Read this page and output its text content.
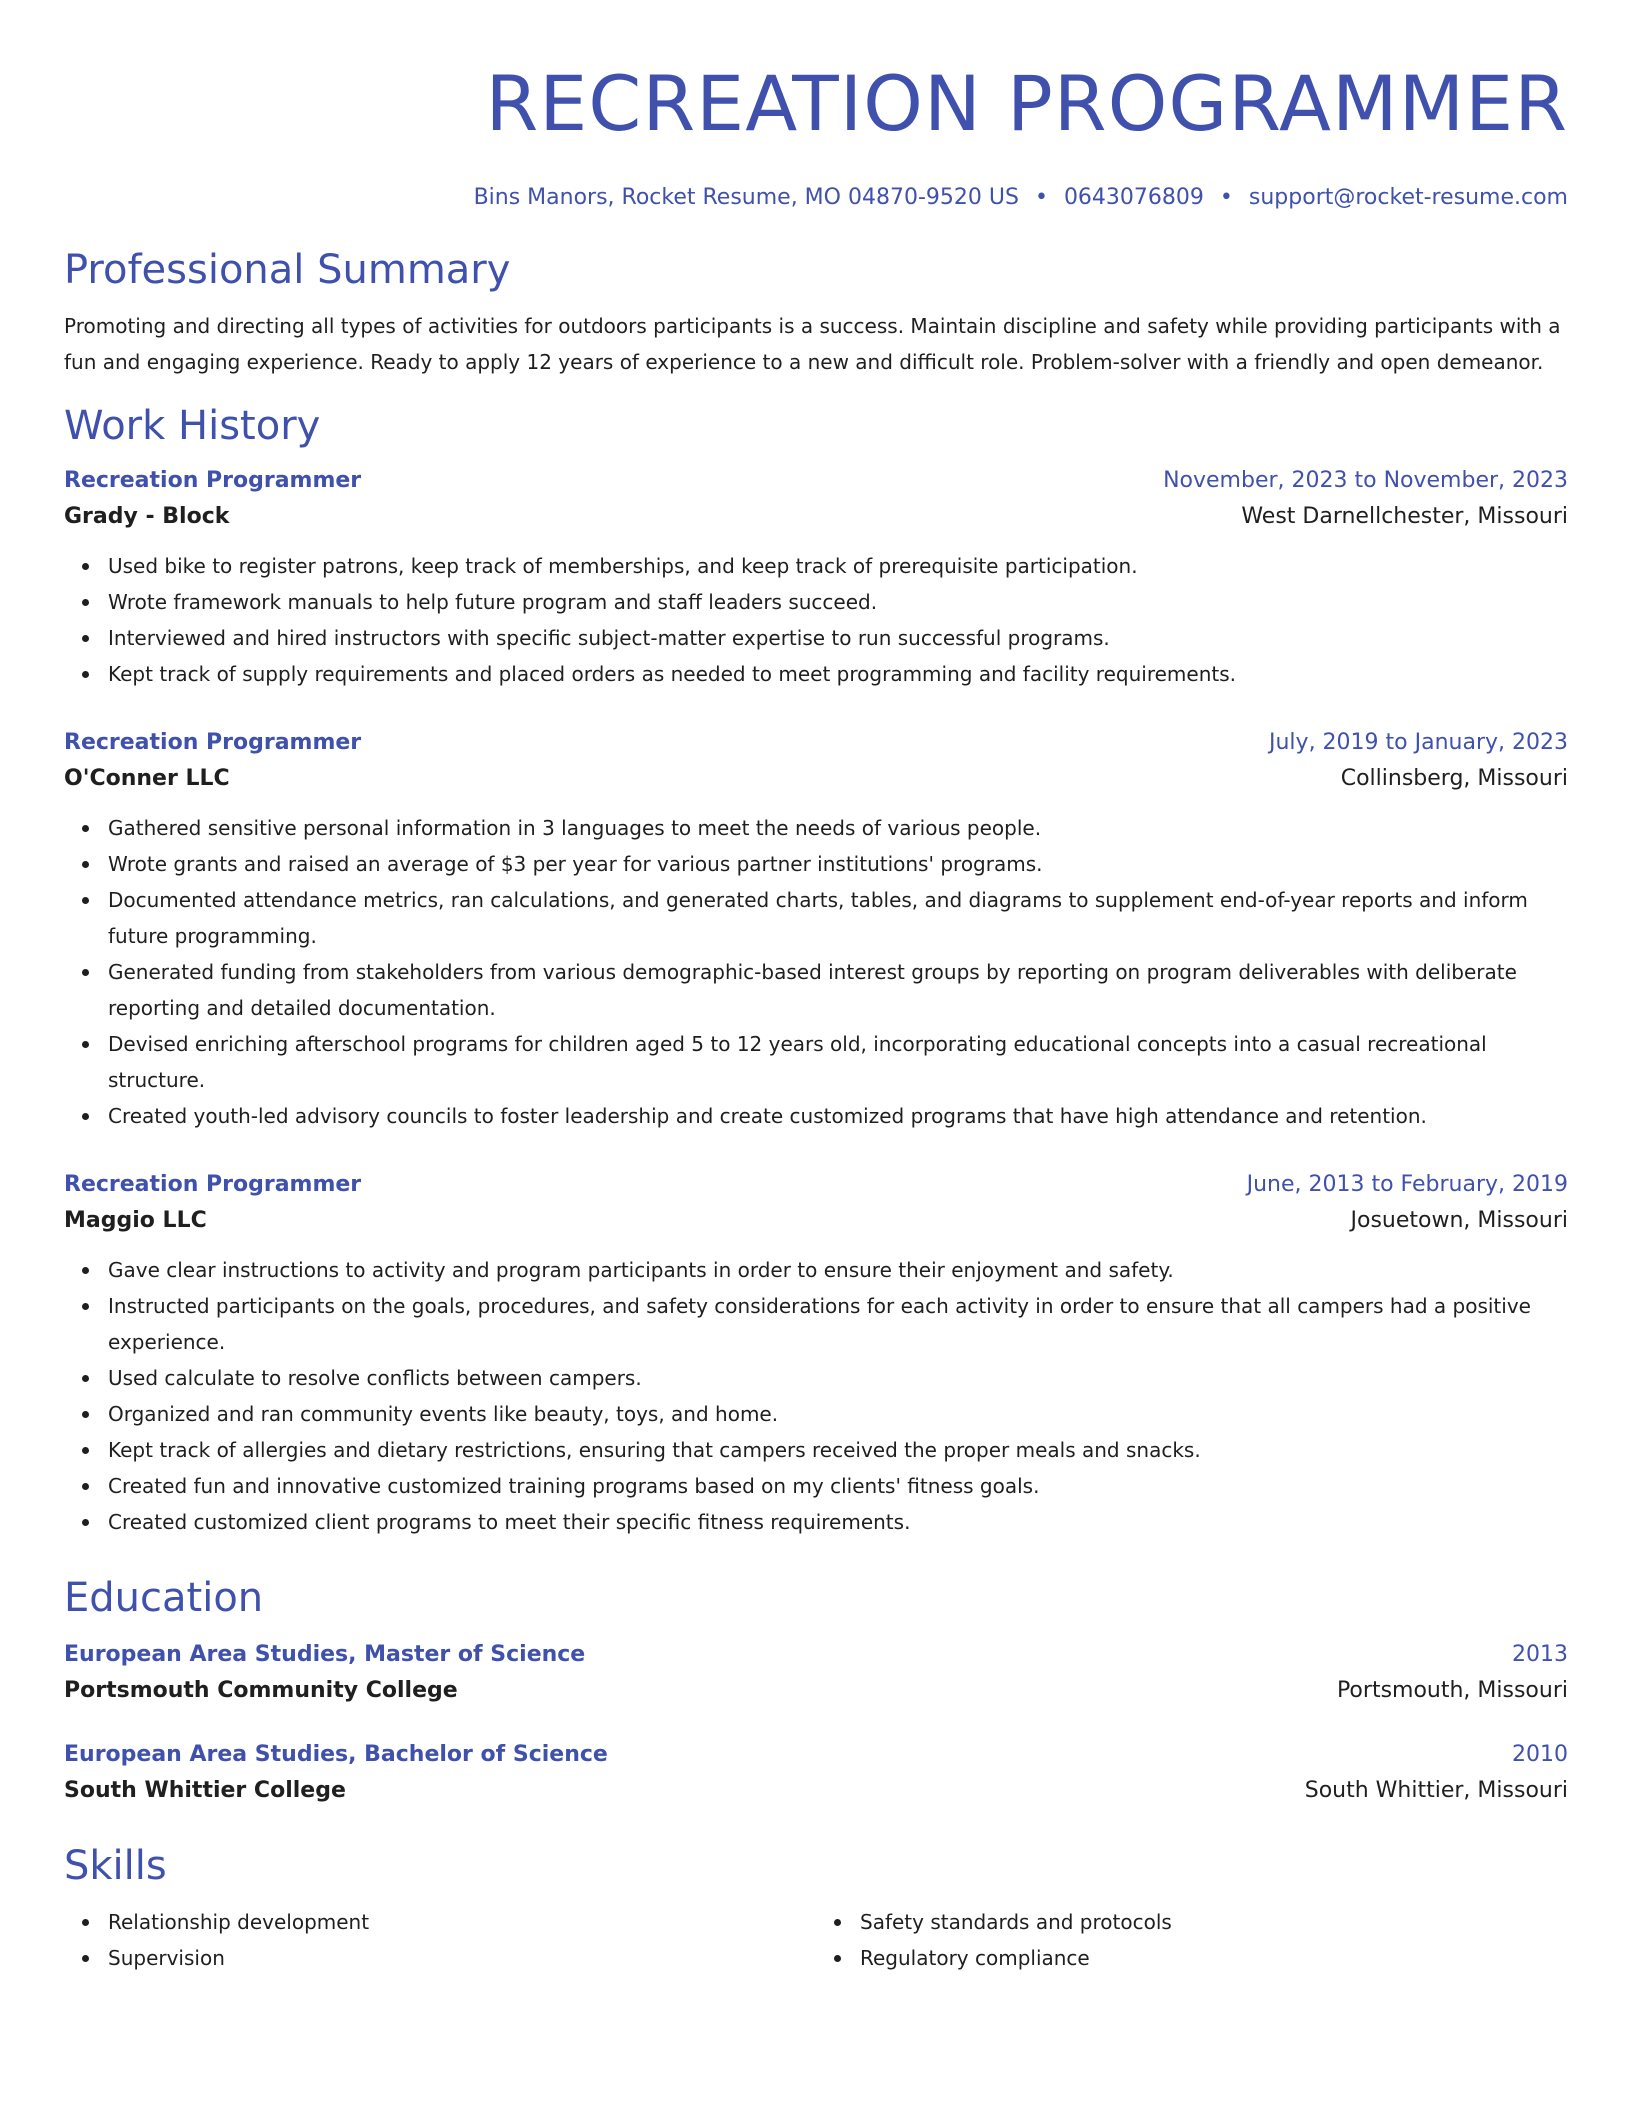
RECREATION PROGRAMMER
Bins Manors, Rocket Resume, MO 04870-9520 US • 0643076809 • support@rocket-resume.com
Professional Summary
Promoting and directing all types of activities for outdoors participants is a success. Maintain discipline and safety while providing participants with a fun and engaging experience. Ready to apply 12 years of experience to a new and difficult role. Problem-solver with a friendly and open demeanor.
Work History
Recreation Programmer	November, 2023 to November, 2023
Grady - Block	West Darnellchester, Missouri
Used bike to register patrons, keep track of memberships, and keep track of prerequisite participation.
Wrote framework manuals to help future program and staff leaders succeed.
Interviewed and hired instructors with specific subject-matter expertise to run successful programs.
Kept track of supply requirements and placed orders as needed to meet programming and facility requirements.
Recreation Programmer	July, 2019 to January, 2023
O'Conner LLC	Collinsberg, Missouri
Gathered sensitive personal information in 3 languages to meet the needs of various people.
Wrote grants and raised an average of $3 per year for various partner institutions' programs.
Documented attendance metrics, ran calculations, and generated charts, tables, and diagrams to supplement end-of-year reports and inform future programming.
Generated funding from stakeholders from various demographic-based interest groups by reporting on program deliverables with deliberate reporting and detailed documentation.
Devised enriching afterschool programs for children aged 5 to 12 years old, incorporating educational concepts into a casual recreational structure.
Created youth-led advisory councils to foster leadership and create customized programs that have high attendance and retention.
Recreation Programmer	June, 2013 to February, 2019
Maggio LLC	Josuetown, Missouri
Gave clear instructions to activity and program participants in order to ensure their enjoyment and safety.
Instructed participants on the goals, procedures, and safety considerations for each activity in order to ensure that all campers had a positive experience.
Used calculate to resolve conflicts between campers.
Organized and ran community events like beauty, toys, and home.
Kept track of allergies and dietary restrictions, ensuring that campers received the proper meals and snacks.
Created fun and innovative customized training programs based on my clients' fitness goals.
Created customized client programs to meet their specific fitness requirements.
Education
European Area Studies, Master of Science	2013
Portsmouth Community College	Portsmouth, Missouri
European Area Studies, Bachelor of Science	2010
South Whittier College	South Whittier, Missouri
Skills
Relationship development
Supervision
Safety standards and protocols
Regulatory compliance
